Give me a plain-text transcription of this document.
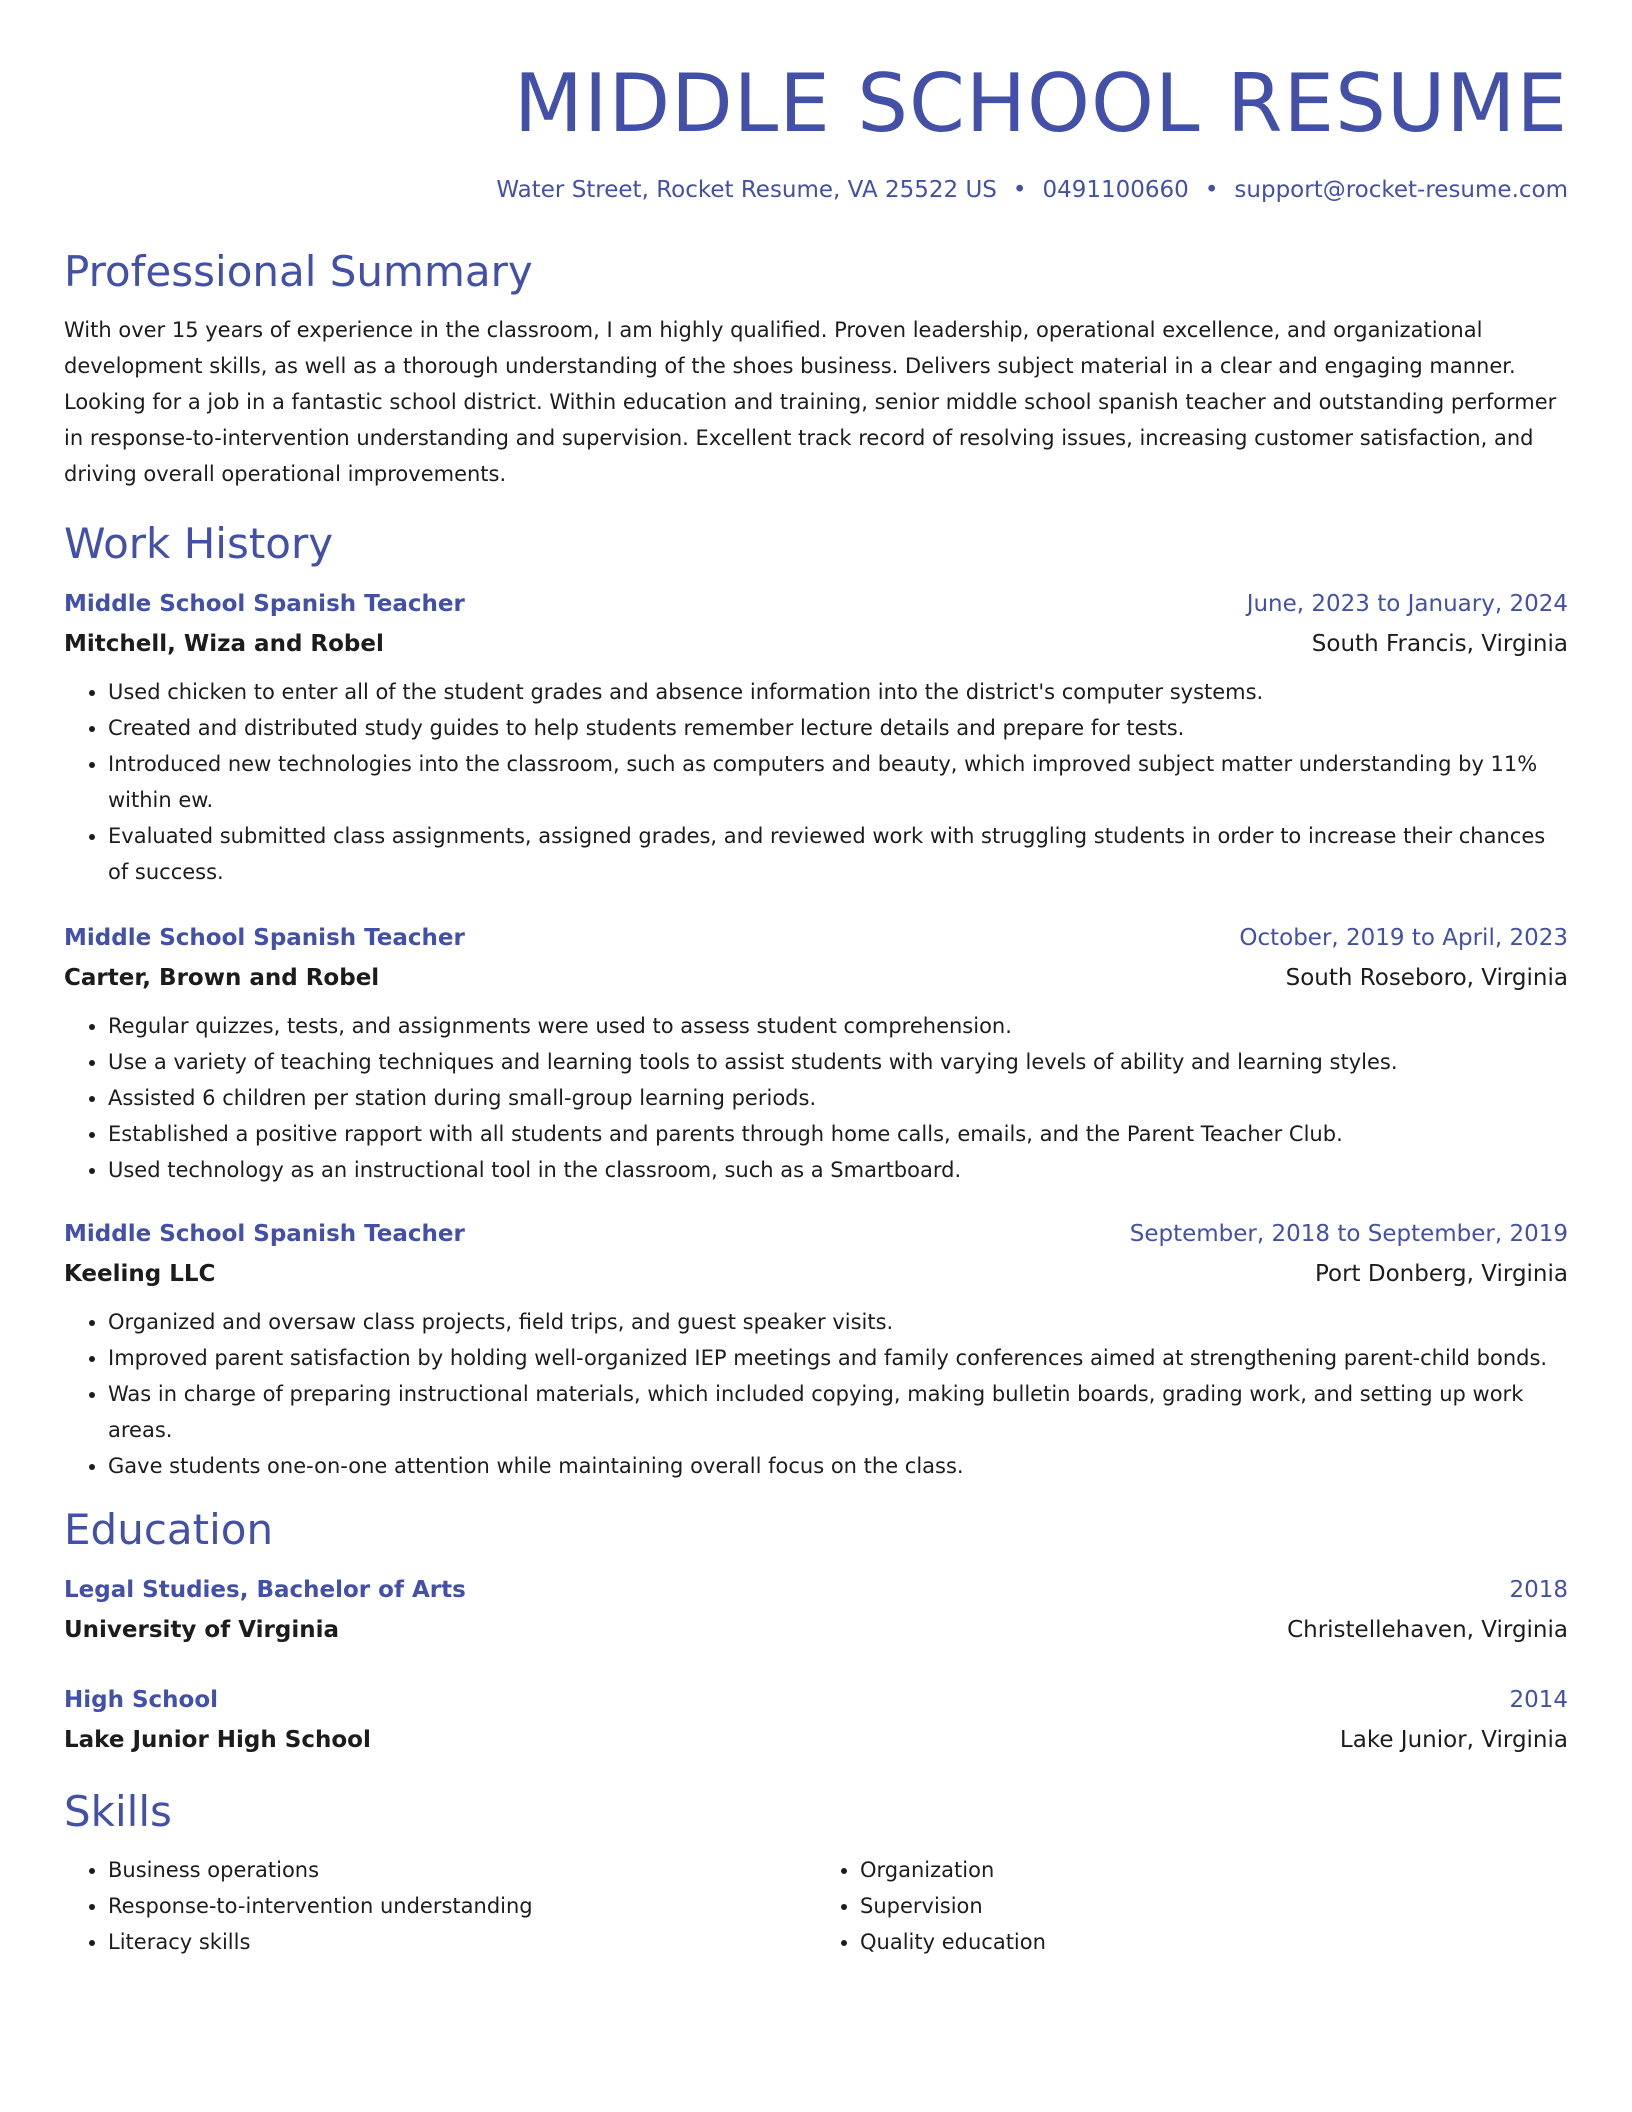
MIDDLE SCHOOL RESUME
Water Street, Rocket Resume, VA 25522 US • 0491100660 • support@rocket-resume.com
Professional Summary
With over 15 years of experience in the classroom, I am highly qualified. Proven leadership, operational excellence, and organizational development skills, as well as a thorough understanding of the shoes business. Delivers subject material in a clear and engaging manner. Looking for a job in a fantastic school district. Within education and training, senior middle school spanish teacher and outstanding performer in response-to-intervention understanding and supervision. Excellent track record of resolving issues, increasing customer satisfaction, and driving overall operational improvements.
Work History
Middle School Spanish Teacher	June, 2023 to January, 2024
Mitchell, Wiza and Robel	South Francis, Virginia
• Used chicken to enter all of the student grades and absence information into the district's computer systems.
• Created and distributed study guides to help students remember lecture details and prepare for tests.
• Introduced new technologies into the classroom, such as computers and beauty, which improved subject matter understanding by 11% within ew.
• Evaluated submitted class assignments, assigned grades, and reviewed work with struggling students in order to increase their chances of success.
Middle School Spanish Teacher	October, 2019 to April, 2023
Carter, Brown and Robel	South Roseboro, Virginia
• Regular quizzes, tests, and assignments were used to assess student comprehension.
• Use a variety of teaching techniques and learning tools to assist students with varying levels of ability and learning styles.
• Assisted 6 children per station during small-group learning periods.
• Established a positive rapport with all students and parents through home calls, emails, and the Parent Teacher Club.
• Used technology as an instructional tool in the classroom, such as a Smartboard.
Middle School Spanish Teacher	September, 2018 to September, 2019
Keeling LLC	Port Donberg, Virginia
• Organized and oversaw class projects, field trips, and guest speaker visits.
• Improved parent satisfaction by holding well-organized IEP meetings and family conferences aimed at strengthening parent-child bonds.
• Was in charge of preparing instructional materials, which included copying, making bulletin boards, grading work, and setting up work areas.
• Gave students one-on-one attention while maintaining overall focus on the class.
Education
Legal Studies, Bachelor of Arts	2018
University of Virginia	Christellehaven, Virginia
High School	2014
Lake Junior High School	Lake Junior, Virginia
Skills
• Business operations
• Response-to-intervention understanding
• Literacy skills
• Organization
• Supervision
• Quality education
